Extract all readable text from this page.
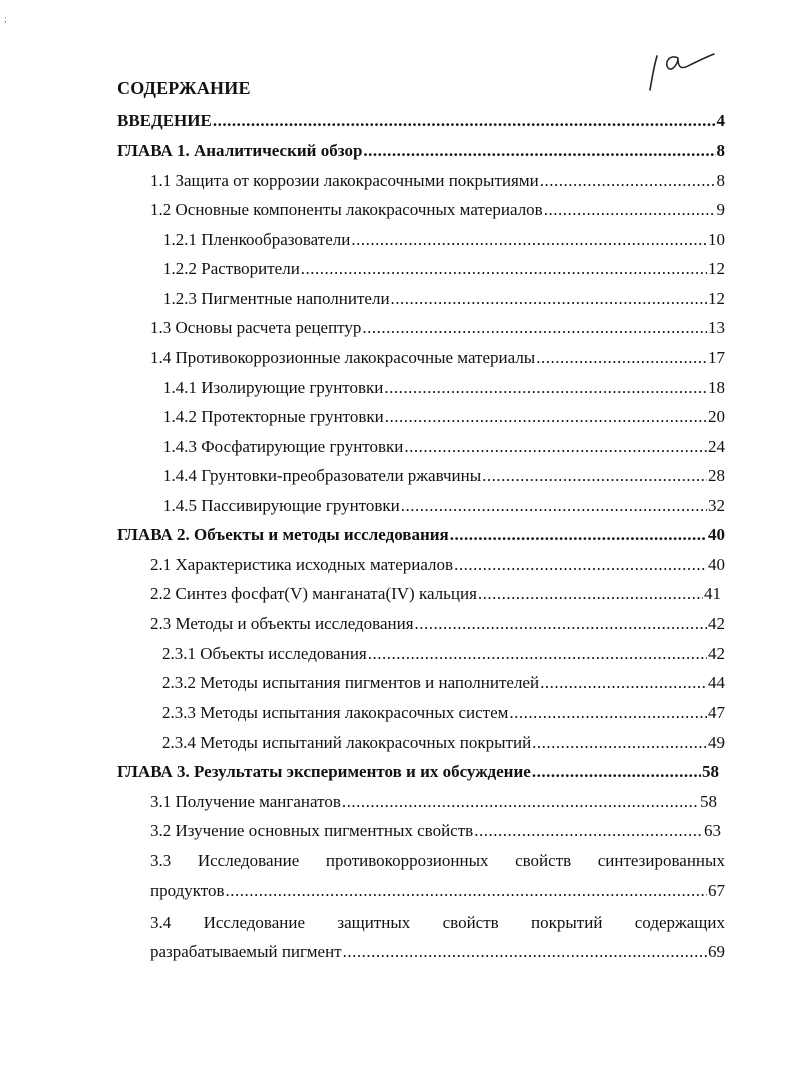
;
СОДЕРЖАНИЕ
ВВЕДЕНИЕ .....	4
ГЛАВА 1. Аналитический обзор .....	8
1.1 Защита от коррозии лакокрасочными покрытиями .....	8
1.2 Основные компоненты лакокрасочных материалов .....	9
1.2.1 Пленкообразователи .....	10
1.2.2 Растворители .....	12
1.2.3 Пигментные наполнители .....	12
1.3 Основы расчета рецептур .....	13
1.4 Противокоррозионные лакокрасочные материалы .....	17
1.4.1 Изолирующие грунтовки .....	18
1.4.2 Протекторные грунтовки .....	20
1.4.3 Фосфатирующие грунтовки .....	24
1.4.4 Грунтовки-преобразователи ржавчины .....	28
1.4.5 Пассивирующие грунтовки .....	32
ГЛАВА 2. Объекты и методы исследования .....	40
2.1 Характеристика исходных материалов .....	40
2.2 Синтез фосфат(V) манганата(IV) кальция .....	41
2.3 Методы и объекты исследования .....	42
2.3.1 Объекты исследования .....	42
2.3.2 Методы испытания пигментов и наполнителей .....	44
2.3.3 Методы испытания лакокрасочных систем .....	47
2.3.4 Методы испытаний лакокрасочных покрытий .....	49
ГЛАВА 3. Результаты экспериментов и их обсуждение .....	58
3.1 Получение манганатов .....	58
3.2 Изучение основных пигментных свойств .....	63
3.3 Исследование противокоррозионных свойств синтезированных
продуктов .....	67
3.4 Исследование защитных свойств покрытий содержащих
разрабатываемый пигмент .....	69
